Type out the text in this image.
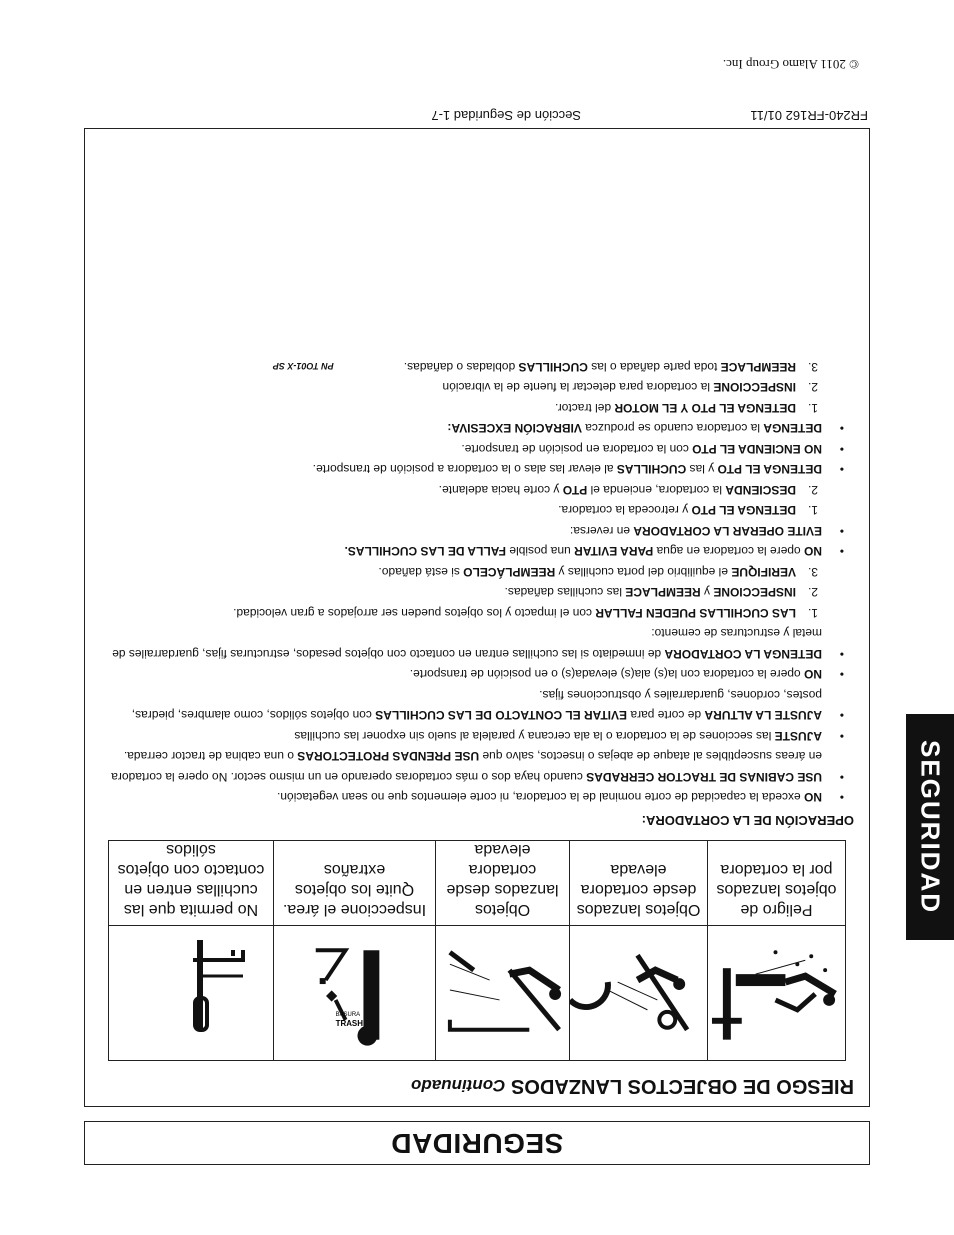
SEGURIDAD
RIESGO DE OBJECTOS LANZADOS Continuado
TRASH
BASURA
Peligro de objetos lanzados por la cortadora
Objetos lanzados desde cortadora elevada
Objetos lanzados desde cortadora elevada
Inspeccione el área. Quite los objetos extraños
No permita que las cuchillas entren en contacto con objetos sólidos
OPERACIÓN DE LA CORTADORA:
•
NO exceda la capacidad de corte nominal de la cortadora, ni corte elementos que no sean vegetación.
•
USE CABINAS DE TRACTOR CERRADAS cuando haya dos o más cortadoras operando en un mismo sector. No opere la cortadora en áreas susceptibles al ataque de abejas o insectos, salvo que USE PRENDAS PROTECTORAS o una cabina de tractor cerrada.
•
AJUSTE las secciones de la cortadora o la ala cercana y paralela al suelo sin exponer las cuchillas
•
AJUSTE LA ALTURA de corte para EVITAR EL CONTACTO DE LAS CUCHILLAS con objetos sólidos, como alambres, piedras, postes, cordones, guardarrailes y obstrucciones fijas.
•
NO opere la cortadora con la(s) ala(s) elevada(s) o en posición de transporte.
•
DETENGA LA CORTADORA de inmediato si las cuchillas entran en contacto con objetos pesados, estructuras fijas, guardarrailes de metal y estructuras de cemento:
1.
LAS CUCHILLAS PUEDEN FALLAR con el impacto y los objetos pueden ser arrojados a gran velocidad.
2.
INSPECCIONE y REEMPLACE las cuchillas dañadas.
3.
VERIFIQUE el equilibrio del porta cuchillas y REEMPLÁCELO si está dañado.
•
NO opere la cortadora en agua PARA EVITAR una posible FALLA DE LAS CUCHILLAS.
•
EVITE OPERAR LA CORTADORA en reversa:
1.
DETENGA EL PTO y retroceda la cortadora.
2.
DESCIENDA la cortadora, encienda el PTO y corte hacia adelante.
•
DETENGA EL PTO y las CUCHILLAS al elevar las alas o la cortadora a posición de transporte.
•
NO ENCIENDA EL PTO con la cortadora en posición de transporte.
•
DETENGA la cortadora cuando se produzca VIBRACIÓN EXCESIVA:
1.
DETENGA EL PTO Y EL MOTOR del tractor.
2.
INSPECCIONE la cortadora para detectar la fuente de la vibración
3.
REEMPLACE toda parte dañada o las CUCHILLAS dobladas o dañadas.PN TO01-X SP
FR240-FR162 01/11
Sección de Seguridad 1-7
© 2011 Alamo Group Inc.
SEGURIDAD
